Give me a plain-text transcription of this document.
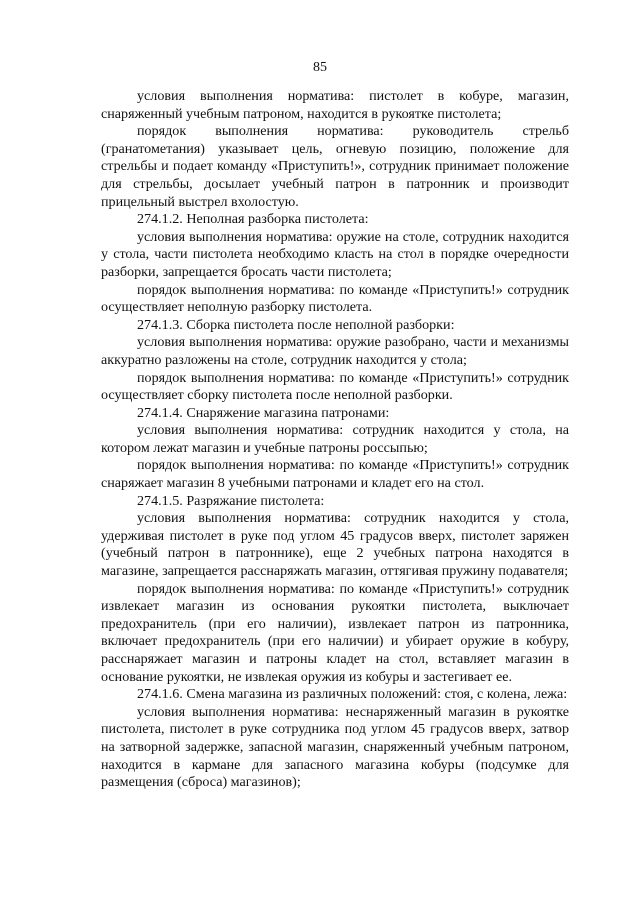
85

условия выполнения норматива: пистолет в кобуре, магазин, снаряженный учебным патроном, находится в рукоятке пистолета;

порядок выполнения норматива: руководитель стрельб (гранатометания) указывает цель, огневую позицию, положение для стрельбы и подает команду «Приступить!», сотрудник принимает положение для стрельбы, досылает учебный патрон в патронник и производит прицельный выстрел вхолостую.

274.1.2. Неполная разборка пистолета:

условия выполнения норматива: оружие на столе, сотрудник находится у стола, части пистолета необходимо класть на стол в порядке очередности разборки, запрещается бросать части пистолета;

порядок выполнения норматива: по команде «Приступить!» сотрудник осуществляет неполную разборку пистолета.

274.1.3. Сборка пистолета после неполной разборки:

условия выполнения норматива: оружие разобрано, части и механизмы аккуратно разложены на столе, сотрудник находится у стола;

порядок выполнения норматива: по команде «Приступить!» сотрудник осуществляет сборку пистолета после неполной разборки.

274.1.4. Снаряжение магазина патронами:

условия выполнения норматива: сотрудник находится у стола, на котором лежат магазин и учебные патроны россыпью;

порядок выполнения норматива: по команде «Приступить!» сотрудник снаряжает магазин 8 учебными патронами и кладет его на стол.

274.1.5. Разряжание пистолета:

условия выполнения норматива: сотрудник находится у стола, удерживая пистолет в руке под углом 45 градусов вверх, пистолет заряжен (учебный патрон в патроннике), еще 2 учебных патрона находятся в магазине, запрещается расснаряжать магазин, оттягивая пружину подавателя;

порядок выполнения норматива: по команде «Приступить!» сотрудник извлекает магазин из основания рукоятки пистолета, выключает предохранитель (при его наличии), извлекает патрон из патронника, включает предохранитель (при его наличии) и убирает оружие в кобуру, расснаряжает магазин и патроны кладет на стол, вставляет магазин в основание рукоятки, не извлекая оружия из кобуры и застегивает ее.

274.1.6. Смена магазина из различных положений: стоя, с колена, лежа:

условия выполнения норматива: неснаряженный магазин в рукоятке пистолета, пистолет в руке сотрудника под углом 45 градусов вверх, затвор на затворной задержке, запасной магазин, снаряженный учебным патроном, находится в кармане для запасного магазина кобуры (подсумке для размещения (сброса) магазинов);
